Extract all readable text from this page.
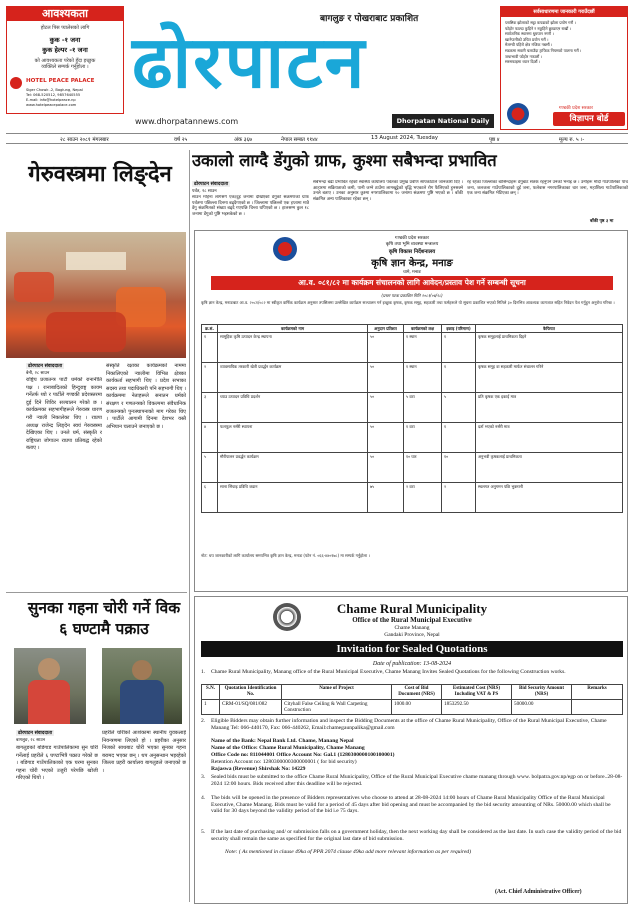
आवश्यकता
होटल पिस प्यालेसको लागि
कुक -१ जना
कुक हेल्पर -१ जना
को आवश्यकता परेको हुँदा इच्छुक
व्यक्तिले सम्पर्क गर्नुहोला ।
HOTEL PEACE PALACE
Siger Chowk -2, Baglung, Nepal
Tel: 068-520512, 9857640555
E-mail: info@hotelpeace.np
www.hotelpeacepalace.com
बागलुङ र पोखराबाट प्रकाशित
ढोरपाटन
www.dhorpatannews.com	Dhorpatan National Daily
सर्वसाधारणमा जानकारी गराउँदछौं
प्लाष्टिक झोलाको सट्टा कपडाको झोला प्रयोग गरौं ।
फोहोर फाल्दा कुहिने र नकुहिने छुट्याएर राखौं ।
सार्वजनिक स्थानमा धुम्रपान नगरौं ।
खानेपानीको उचित प्रयोग गरौं ।
मेलम्ची पहिरो क्षेत्र नजिक नबसौं ।
सडकमा सवारी चलाउँदा ट्राफिक नियमको पालना गरौं ।
जथाभावी फोहोर नफालौं ।
सरसफाइमा ध्यान दिऔं ।
गण्डकी प्रदेश सरकार
विज्ञापन बोर्ड
२८ साउन २०८१ मंगलबार	वर्ष २५	अंक ३६७	नेपाल सम्बत ११४४	13 August 2024, Tuesday	पृष्ठ ४	मूल्य रु. ५ ।-
उकालो लाग्दै डेंगुको ग्राफ, कुश्मा सबैभन्दा प्रभावित
ढोरपाटन संवाददाता
पर्वत, २८ साउन
साउन महिना लागेसँगै एक/दुई जनामा देखिएको डेंगुको संक्रमणको ग्राफ पर्वतमा पछिल्ला दिनमा बढ्दैगएको छ । जिल्लामा पछिल्लो एक हप्तामा मात्रै डेंगु संक्रमितको संख्या बढ्दै गएपछि चिन्ता थपिएको छ । हालसम्म कुल १८ जनामा डेंगुको पुष्टि भइसकेको छ ।
सबैभन्दा बढी प्रभावित रहेको स्वास्थ्य कार्यालय पर्वतका प्रमुख प्रवीण सापकोटाले जानकारी दिए । आहारमा सक्रियताको कमी, पानी जम्ने ठाउँमा लामखुट्टेको वृद्धि भएकाले रोग फैलिएको हुनसक्ने उनले बताए । उनका अनुसार कुश्मा नगरपालिकामा १० जनामा संक्रमण पुष्टि भएको छ । बाँकी संक्रमित अन्य पालिकाका रहेका छन् ।
रह रहेका जिल्लाका बासिन्दाहरू डेंगुबाट सतर्क रहनुपर्ने उनको भनाइ छ । उनीहरू मोदी गाउँपालिका पाँच जना, जलजला गाउँपालिकाको दुई जना, फलेवास नगरपालिकाका चार जना, महाशिला गाउँपालिकाको एक जना संक्रमित भेटिएका छन् ।
बाँकी पृष्ठ ३ मा
गेरुवस्त्रमा लिङ्देन
ढोरपाटन संवाददाता
बेनी, २८ साउन
राष्ट्रिय प्रजातन्त्र पार्टी धर्मको रानानीति पक्ष । रानाबादितको हिन्दुराष्ट्र कायम गर्नेतर्फ थ्यो र पार्टीले गण्डकी प्रदेशस्तरमा दुई दिने शिविर सञ्चालन गरेको छ । कार्यक्रमका सहभागीहरूले गेरुवस्त्र धारण गरी र्‍याली निकालेका थिए । राप्रपा अध्यक्ष राजेन्द्र लिङ्देन स्वयं गेरुवस्त्रमा देखिएका थिए । उनले धर्म, संस्कृति र राष्ट्रियता जोगाउन राप्रपा प्रतिबद्ध रहेको बताए ।
संस्कृति रक्षाका कार्यक्रमको नाममा निकालिएको र्‍यालीमा विभिन्न क्षेत्रका कार्यकर्ता सहभागी थिए । प्रदेश सभाका सदस्य तथा पदाधिकारी पनि सहभागी थिए । कार्यक्रममा नेताहरूले सनातन धर्मको संरक्षण र गणतन्त्रको विकल्पमा संवैधानिक राजतन्त्रको पुनःस्थापनाको माग गरेका थिए । पार्टीले आगामी दिनमा देशभर यस्तै अभियान चलाउने जनाएको छ ।
सुनका गहना चोरी गर्ने विक ६ घण्टामै पक्राउ
ढोरपाटन संवाददाता
बागलुङ, २८ साउन
बागलुङको बडिगाड गाउँपालिकामा सुन चोरी गर्नेलाई प्रहरीले ६ घण्टाभित्रै पक्राउ गरेको छ । बडिगाड गाउँपालिकाको एक घरमा सुनका गहना चोरी भएको उजुरी परेपछि खोजी गरिएको थियो ।
प्रहरीले चोरीको आशंकामा स्थानीय युवकलाई नियन्त्रणमा लिएको हो । प्रहरीका अनुसार निजको साथबाट चोरी भएका सुनका गहना बरामद भएका छन् । थप अनुसन्धान भइरहेको जिल्ला प्रहरी कार्यालय बागलुङले जनाएको छ ।
गण्डकी प्रदेश सरकार
कृषि तथा भूमि व्यवस्था मन्त्रालय
कृषि विकास निर्देशनालय
कृषि ज्ञान केन्द्र, मनाङ
चामे, मनाङ
आ.व. ०८१/८२ मा कार्यक्रम संचालनको लागि आवेदन/प्रस्ताव पेश गर्ने सम्बन्धी सूचना
(प्रथम पटक प्रकाशित मिति २०८१/०४/२८)
कृषि ज्ञान केन्द्र, मनाङबाट आ.व. २०८१/०८२ मा स्वीकृत वार्षिक कार्यक्रम अनुसार तपसिलमा उल्लेखित कार्यक्रम सञ्चालन गर्न इच्छुक कृषक, कृषक समूह, सहकारी तथा फर्महरूले यो सूचना प्रकाशित भएको मितिले ३० दिनभित्र आवश्यक कागजात सहित निवेदन पेश गर्नुहुन अनुरोध गरिन्छ ।
क्र.सं.	कार्यक्रमको नाम	अनुदान प्रतिशत	कार्यक्रमको लक्ष	इकाइ (परिमाण)	कैफियत
१	सामूहिक कृषि उत्पादन केन्द्र स्थापना	५०	१ स्थान	१	कृषक समूहलाई प्राथमिकता दिइने
२	व्यावसायिक तरकारी खेती प्रवर्द्धन कार्यक्रम	५०	१ स्थान	१	कृषक समूह वा सहकारी मार्फत संचालन गरिने
३	च्याउ उत्पादन प्रविधि प्रदर्शन	५०	५ वटा	५	प्रति कृषक एक इकाई मात्र
४	फलफूल नर्सरी स्थापना	५०	१ वटा	१	दर्ता भएको नर्सरी मात्र
५	मौरीपालन प्रवर्द्धन कार्यक्रम	५०	१० घार	१०	अनुभवी कृषकलाई प्राथमिकता
६	साना सिंचाइ प्रविधि जडान	७५	२ वटा	२	स्थलगत अनुगमन पछि भुक्तानी
नोट: थप जानकारीको लागि कार्यालय समयभित्र कृषि ज्ञान केन्द्र, मनाङ (फोन नं. ०६६-४४०१७८) मा सम्पर्क गर्नुहोला ।
Chame Rural Municipality
Office of the Rural Municipal Executive
Chame Manang
Gandaki Province, Nepal
Invitation for Sealed Quotations
Date of publication: 13-08-2024
1. Chame Rural Municipality, Manang office of the Rural Municipal Executive, Chame Manang Invites Sealed Quotations for the following Construction works.
S.N.	Quotation Identification No.	Name of Project	Cost of Bid Document (NRS)	Estimated Cost (NRS) Including VAT & PS	Bid Security Amount (NRS)	Remarks
1	CRM-01/SQ/081/082	Cityhall False Ceiling & Wall Carpeting Construction	1000.00	1853292.50	50000.00	
2. Eligible Bidders may obtain further information and inspect the Bidding Documents at the office of Chame Rural Municipality, Office of the Rural Municipal Executive, Chame Manang Tel: 066-440170, Fax: 066-440262, Email:chamegaunpalika@gmail.com
Name of the Bank: Nepal Bank Ltd. Chame, Manang Nepal
Name of the Office: Chame Rural Municipality, Chame Manang
Office Code no: 811044001 Office Account No: Gal.1 (1280300000100100001)
Retention Account no: 1280300000300000001 ( for bid security)
Rajaswa (Revenue) Shirshak No: 14229
3. Sealed bids must be submitted to the office Chame Rural Municipality, Office of the Rural Municipal Executive chame manang through www. bolpatra.gov.np/egp on or before..28-08-2024 12:00 hours. Bids received after this deadline will be rejected.
4. The bids will be opened in the presence of Bidders representatives who choose to attend at 28-08-2024 14:00 hours of Chame Rural Municipality Office of the Rural Municipal Executive, Chame Manang. Bids must be valid for a period of 45 days after bid opening and must be accompanied by the bid security amounting of NRs. 50000.00 which shall be valid for 30 days beyond the validity period of the bid i.e 75 days.
5. If the last date of purchasing and/ or submission falls on a government holiday, then the next working day shall be considered as the last date. In such case the validity period of the bid security shall remain the same as specified for the original last date of bid submission.
Note: ( As mentioned in clause 49ka of PPR 2074 clause 49ka add more relevant information as per required)
(Act. Chief Administrative Officer)
